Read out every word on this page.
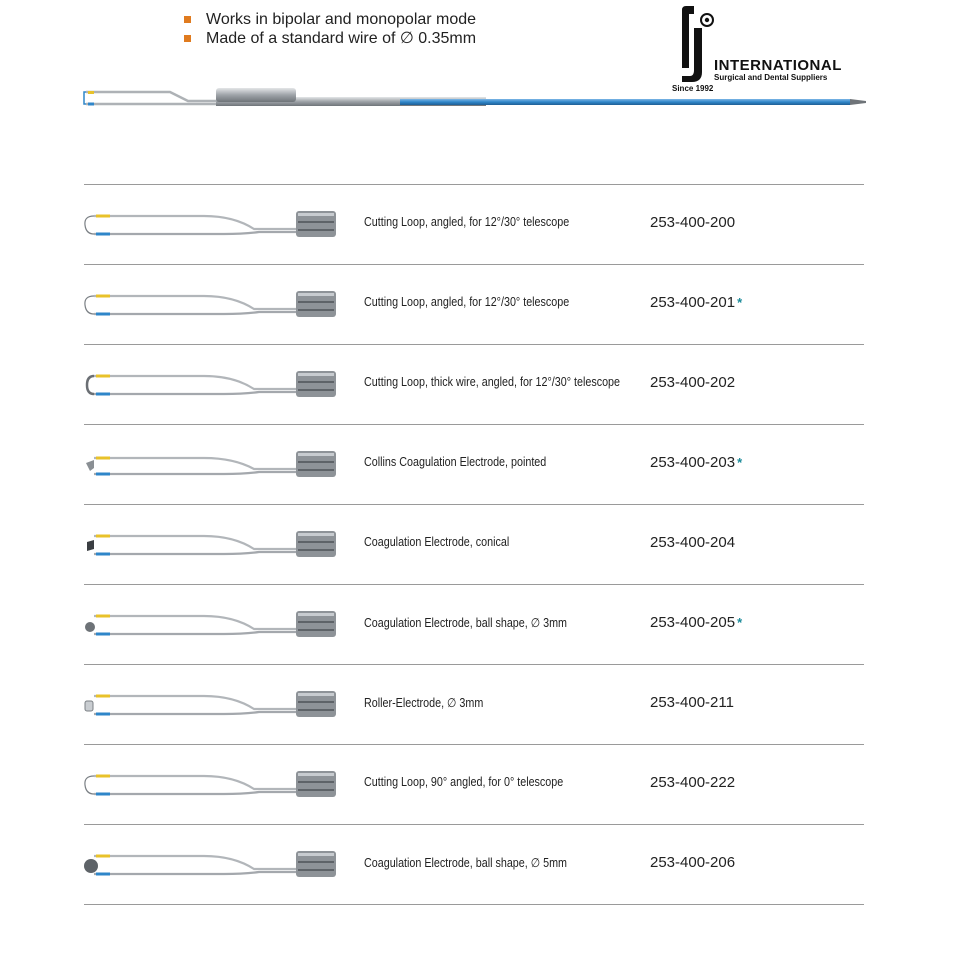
Works in bipolar and monopolar mode
Made of a standard wire of ∅ 0.35mm
INTERNATIONAL
Surgical and Dental Suppliers
Since 1992
Cutting Loop, angled, for 12°/30° telescope	253-400-200
Cutting Loop, angled, for 12°/30° telescope	253-400-201 *
Cutting Loop, thick wire, angled, for 12°/30° telescope 253-400-202
Collins Coagulation Electrode, pointed	253-400-203 *
Coagulation Electrode, conical	253-400-204
Coagulation Electrode, ball shape, ∅ 3mm	253-400-205 *
Roller-Electrode, ∅ 3mm	253-400-211
Cutting Loop, 90° angled, for 0° telescope	253-400-222
Coagulation Electrode, ball shape, ∅ 5mm	253-400-206
